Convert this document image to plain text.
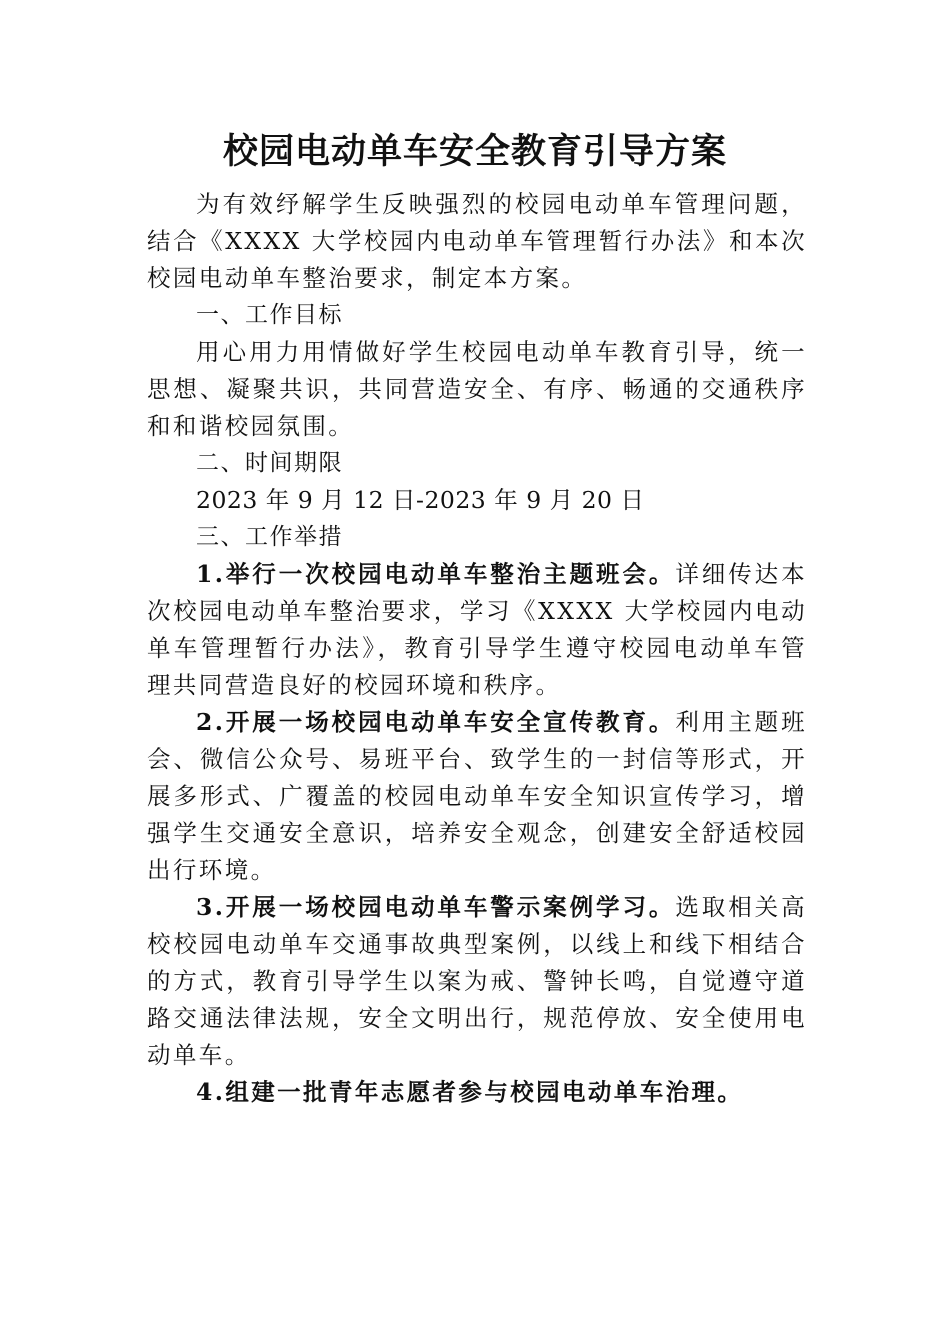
校园电动单车安全教育引导方案

为有效纾解学生反映强烈的校园电动单车管理问题，结合《XXXX 大学校园内电动单车管理暂行办法》和本次校园电动单车整治要求，制定本方案。

一、工作目标

用心用力用情做好学生校园电动单车教育引导，统一思想、凝聚共识，共同营造安全、有序、畅通的交通秩序和和谐校园氛围。

二、时间期限

2023 年 9 月 12 日-2023 年 9 月 20 日

三、工作举措

1.举行一次校园电动单车整治主题班会。详细传达本次校园电动单车整治要求，学习《XXXX 大学校园内电动单车管理暂行办法》，教育引导学生遵守校园电动单车管理共同营造良好的校园环境和秩序。

2.开展一场校园电动单车安全宣传教育。利用主题班会、微信公众号、易班平台、致学生的一封信等形式，开展多形式、广覆盖的校园电动单车安全知识宣传学习，增强学生交通安全意识，培养安全观念，创建安全舒适校园出行环境。

3.开展一场校园电动单车警示案例学习。选取相关高校校园电动单车交通事故典型案例，以线上和线下相结合的方式，教育引导学生以案为戒、警钟长鸣，自觉遵守道路交通法律法规，安全文明出行，规范停放、安全使用电动单车。

4.组建一批青年志愿者参与校园电动单车治理。
